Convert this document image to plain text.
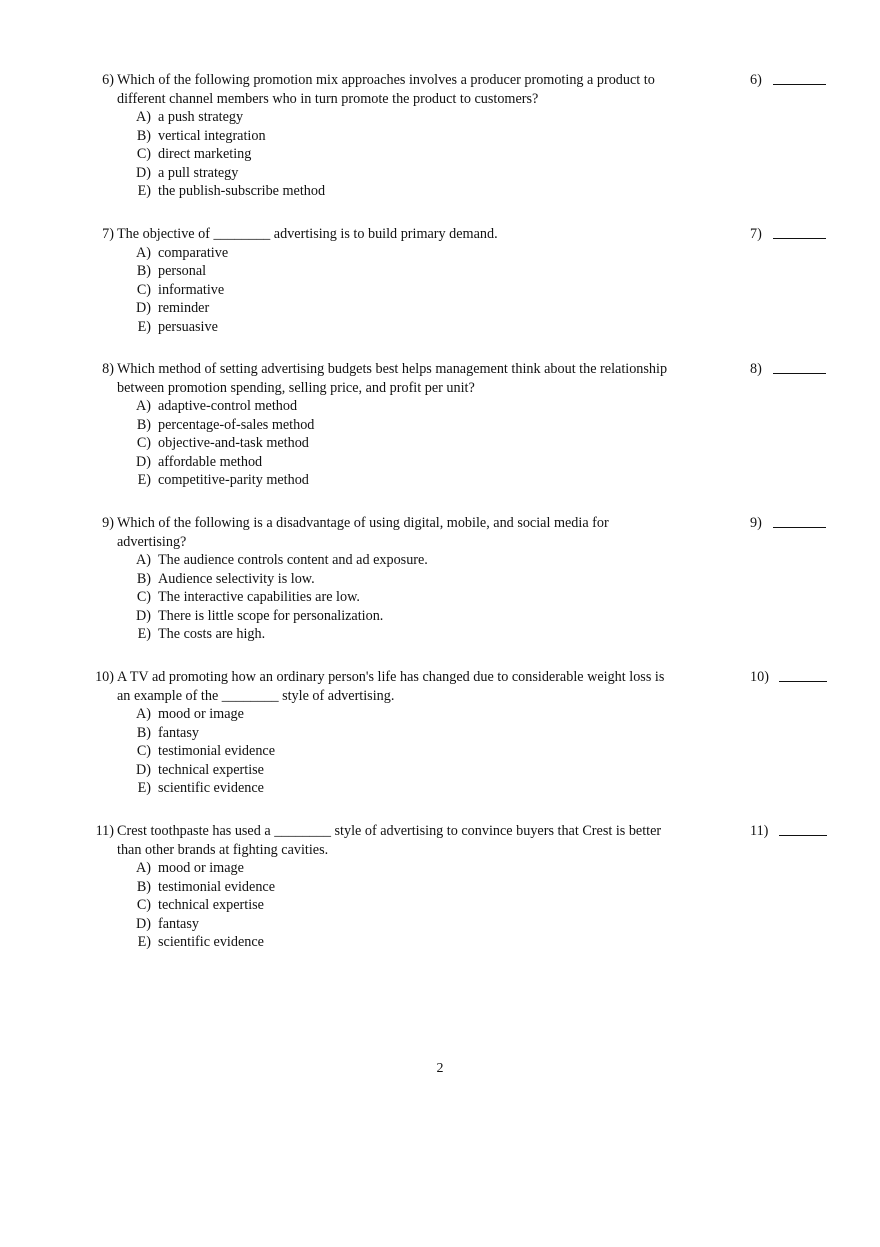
6) Which of the following promotion mix approaches involves a producer promoting a product to different channel members who in turn promote the product to customers?
6)
A) a push strategy
B) vertical integration
C) direct marketing
D) a pull strategy
E) the publish-subscribe method
7) The objective of ________ advertising is to build primary demand.	7)
A) comparative
B) personal
C) informative
D) reminder
E) persuasive
8) Which method of setting advertising budgets best helps management think about the relationship between promotion spending, selling price, and profit per unit?
8)
A) adaptive-control method
B) percentage-of-sales method
C) objective-and-task method
D) affordable method
E) competitive-parity method
9) Which of the following is a disadvantage of using digital, mobile, and social media for advertising?
9)
A) The audience controls content and ad exposure.
B) Audience selectivity is low.
C) The interactive capabilities are low.
D) There is little scope for personalization.
E) The costs are high.
10) A TV ad promoting how an ordinary person's life has changed due to considerable weight loss is an example of the ________ style of advertising.
10)
A) mood or image
B) fantasy
C) testimonial evidence
D) technical expertise
E) scientific evidence
11) Crest toothpaste has used a ________ style of advertising to convince buyers that Crest is better than other brands at fighting cavities.
11)
A) mood or image
B) testimonial evidence
C) technical expertise
D) fantasy
E) scientific evidence
2
